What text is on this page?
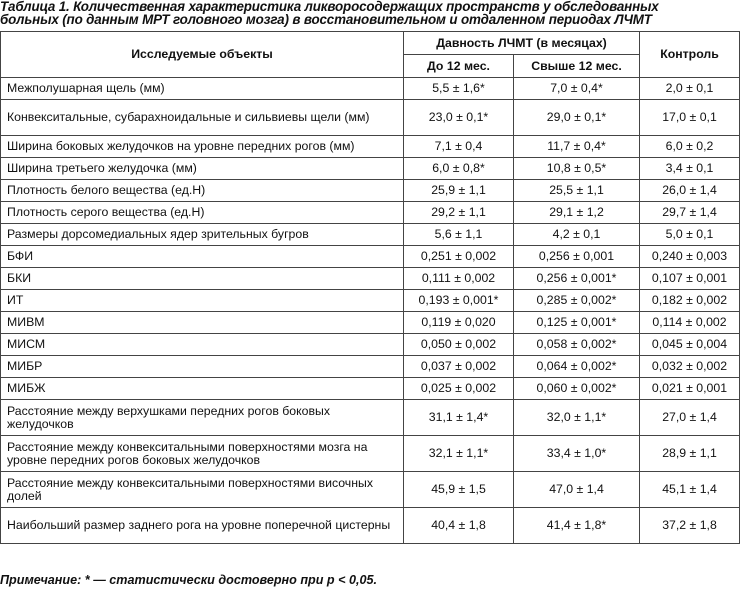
Таблица 1. Количественная характеристика ликворосодержащих пространств у обследованных
больных (по данным МРТ головного мозга) в восстановительном и отдаленном периодах ЛЧМТ
Исследуемые объекты	Давность ЛЧМТ (в месяцах)		Контроль
	До 12 мес.	Свыше 12 мес.	
Межполушарная щель (мм)	5,5 ± 1,6*	7,0 ± 0,4*	2,0 ± 0,1
Конвекситальные, субарахноидальные и сильвиевы щели (мм)	23,0 ± 0,1*	29,0 ± 0,1*	17,0 ± 0,1
Ширина боковых желудочков на уровне передних рогов (мм)	7,1 ± 0,4	11,7 ± 0,4*	6,0 ± 0,2
Ширина третьего желудочка (мм)	6,0 ± 0,8*	10,8 ± 0,5*	3,4 ± 0,1
Плотность белого вещества (ед.Н)	25,9 ± 1,1	25,5 ± 1,1	26,0 ± 1,4
Плотность серого вещества (ед.Н)	29,2 ± 1,1	29,1 ± 1,2	29,7 ± 1,4
Размеры дорсомедиальных ядер зрительных бугров	5,6 ± 1,1	4,2 ± 0,1	5,0 ± 0,1
БФИ	0,251 ± 0,002	0,256 ± 0,001	0,240 ± 0,003
БКИ	0,111 ± 0,002	0,256 ± 0,001*	0,107 ± 0,001
ИТ	0,193 ± 0,001*	0,285 ± 0,002*	0,182 ± 0,002
МИВМ	0,119 ± 0,020	0,125 ± 0,001*	0,114 ± 0,002
МИСМ	0,050 ± 0,002	0,058 ± 0,002*	0,045 ± 0,004
МИБР	0,037 ± 0,002	0,064 ± 0,002*	0,032 ± 0,002
МИБЖ	0,025 ± 0,002	0,060 ± 0,002*	0,021 ± 0,001
Расстояние между верхушками передних рогов боковых желудочков	31,1 ± 1,4*	32,0 ± 1,1*	27,0 ± 1,4
Расстояние между конвекситальными поверхностями мозга на уровне передних рогов боковых желудочков	32,1 ± 1,1*	33,4 ± 1,0*	28,9 ± 1,1
Расстояние между конвекситальными поверхностями височных долей	45,9 ± 1,5	47,0 ± 1,4	45,1 ± 1,4
Наибольший размер заднего рога на уровне поперечной цистерны	40,4 ± 1,8	41,4 ± 1,8*	37,2 ± 1,8
Примечание: * — статистически достоверно при р < 0,05.
